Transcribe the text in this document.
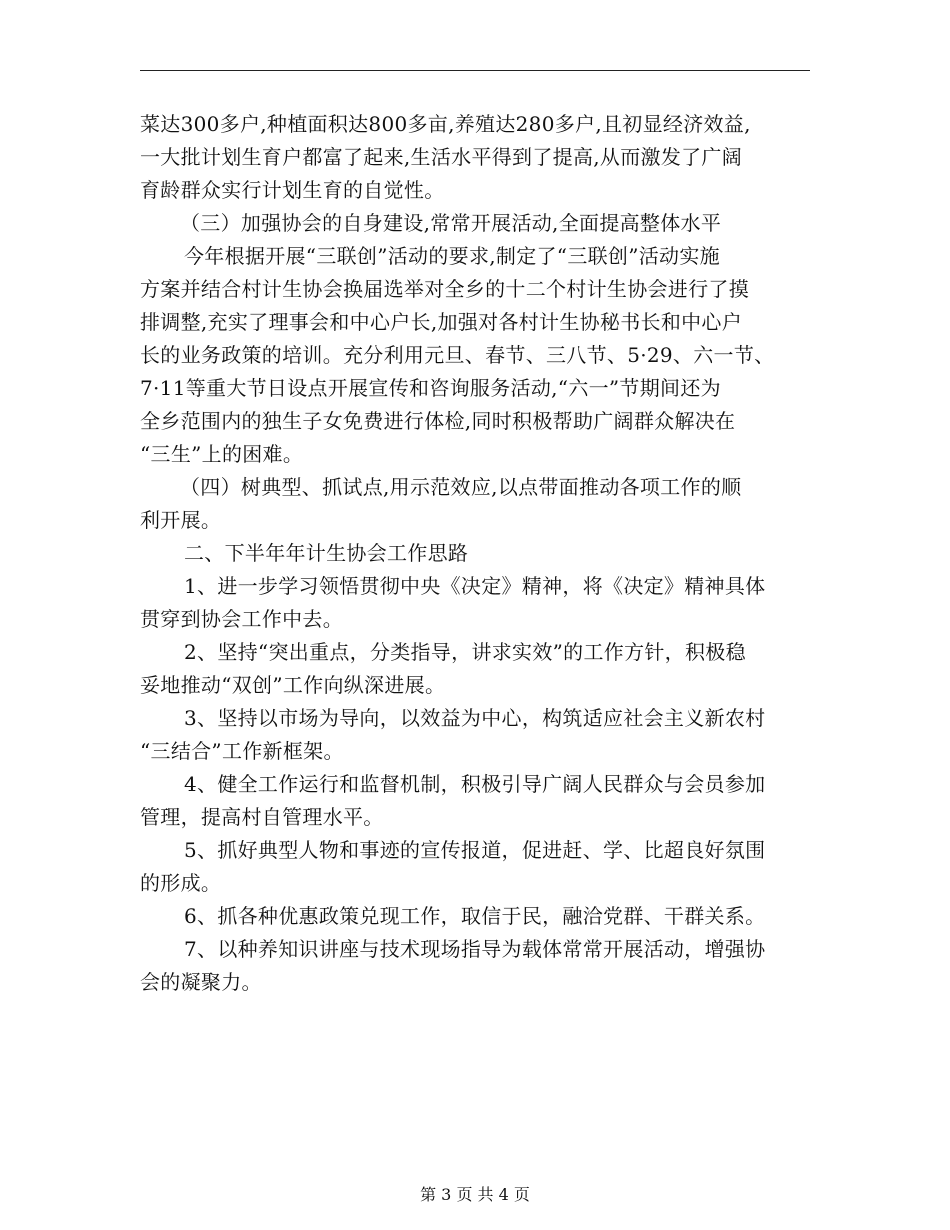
菜达300多户,种植面积达800多亩,养殖达280多户,且初显经济效益,
一大批计划生育户都富了起来,生活水平得到了提高,从而激发了广阔
育龄群众实行计划生育的自觉性。
（三）加强协会的自身建设,常常开展活动,全面提高整体水平
今年根据开展“三联创”活动的要求,制定了“三联创”活动实施
方案并结合村计生协会换届选举对全乡的十二个村计生协会进行了摸
排调整,充实了理事会和中心户长,加强对各村计生协秘书长和中心户
长的业务政策的培训。充分利用元旦、春节、三八节、5·29、六一节、
7·11等重大节日设点开展宣传和咨询服务活动,“六一”节期间还为
全乡范围内的独生子女免费进行体检,同时积极帮助广阔群众解决在
“三生”上的困难。
（四）树典型、抓试点,用示范效应,以点带面推动各项工作的顺
利开展。
二、下半年年计生协会工作思路
1、进一步学习领悟贯彻中央《决定》精神，将《决定》精神具体
贯穿到协会工作中去。
2、坚持“突出重点，分类指导，讲求实效”的工作方针，积极稳
妥地推动“双创”工作向纵深进展。
3、坚持以市场为导向，以效益为中心，构筑适应社会主义新农村
“三结合”工作新框架。
4、健全工作运行和监督机制，积极引导广阔人民群众与会员参加
管理，提高村自管理水平。
5、抓好典型人物和事迹的宣传报道，促进赶、学、比超良好氛围
的形成。
6、抓各种优惠政策兑现工作，取信于民，融洽党群、干群关系。
7、以种养知识讲座与技术现场指导为载体常常开展活动，增强协
会的凝聚力。
第 3 页 共 4 页
